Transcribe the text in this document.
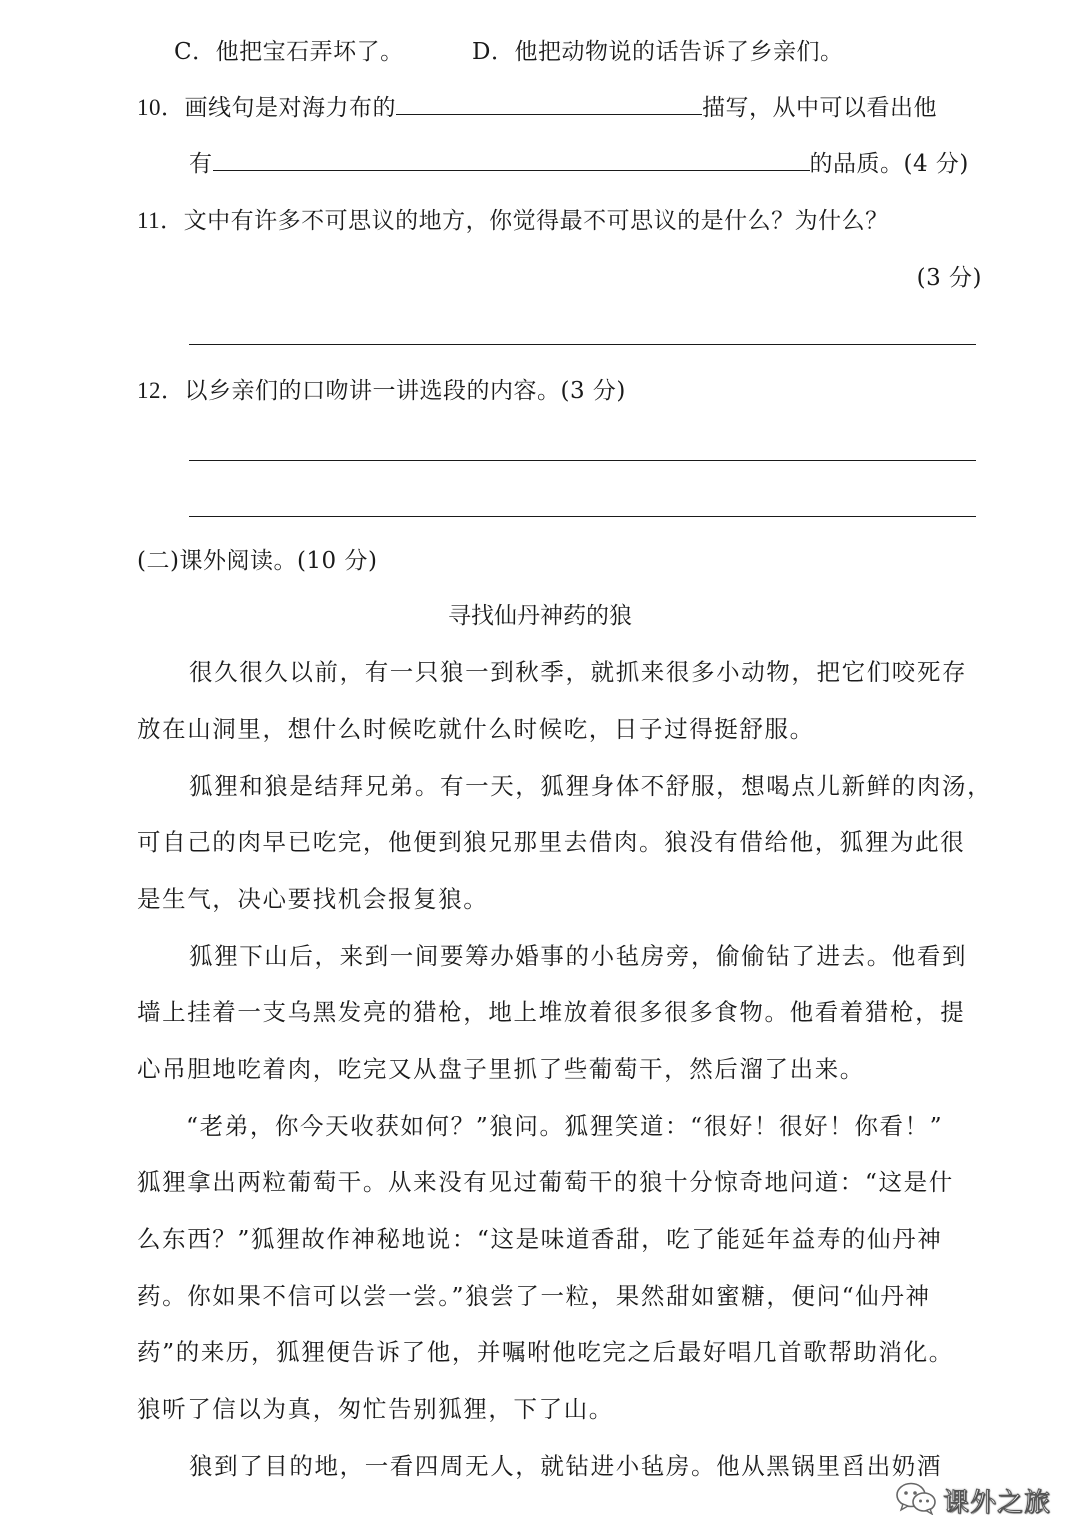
C．他把宝石弄坏了。	D．他把动物说的话告诉了乡亲们。
10．画线句是对海力布的	描写，从中可以看出他
有	的品质。(4 分)
11．文中有许多不可思议的地方，你觉得最不可思议的是什么？为什么？
(3 分)
12．以乡亲们的口吻讲一讲选段的内容。(3 分)
(二)课外阅读。(10 分)
寻找仙丹神药的狼
很久很久以前，有一只狼一到秋季，就抓来很多小动物，把它们咬死存
放在山洞里，想什么时候吃就什么时候吃，日子过得挺舒服。
狐狸和狼是结拜兄弟。有一天，狐狸身体不舒服，想喝点儿新鲜的肉汤，
可自己的肉早已吃完，他便到狼兄那里去借肉。狼没有借给他，狐狸为此很
是生气，决心要找机会报复狼。
狐狸下山后，来到一间要筹办婚事的小毡房旁，偷偷钻了进去。他看到
墙上挂着一支乌黑发亮的猎枪，地上堆放着很多很多食物。他看着猎枪，提
心吊胆地吃着肉，吃完又从盘子里抓了些葡萄干，然后溜了出来。
“老弟，你今天收获如何？”狼问。狐狸笑道：“很好！很好！你看！”
狐狸拿出两粒葡萄干。从来没有见过葡萄干的狼十分惊奇地问道：“这是什
么东西？”狐狸故作神秘地说：“这是味道香甜，吃了能延年益寿的仙丹神
药。你如果不信可以尝一尝。”狼尝了一粒，果然甜如蜜糖，便问“仙丹神
药”的来历，狐狸便告诉了他，并嘱咐他吃完之后最好唱几首歌帮助消化。
狼听了信以为真，匆忙告别狐狸，下了山。
狼到了目的地，一看四周无人，就钻进小毡房。他从黑锅里舀出奶酒
课外之旅
